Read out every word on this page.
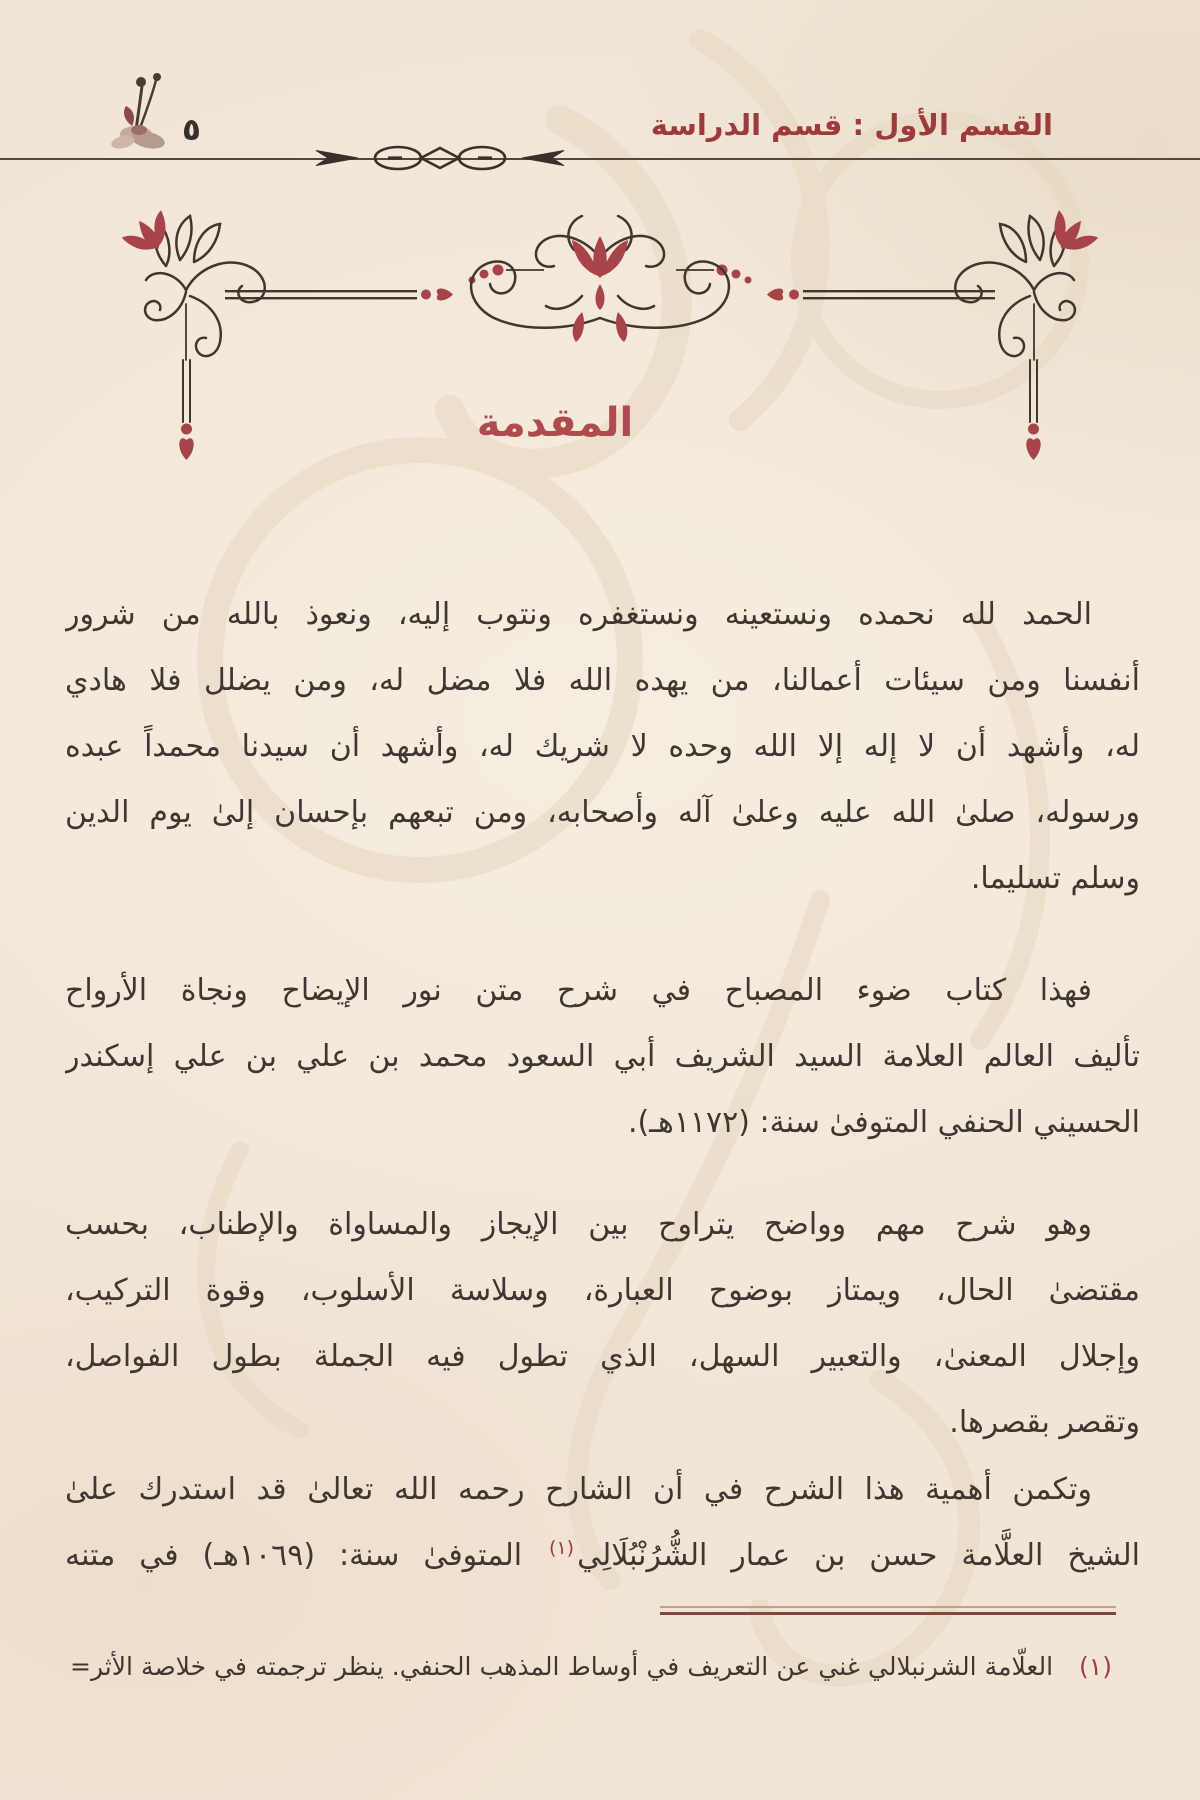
٥	القسم الأول : قسم الدراسة
المقدمة
الحمد لله نحمده ونستعينه ونستغفره ونتوب إليه، ونعوذ بالله من شرور
أنفسنا ومن سيئات أعمالنا، من يهده الله فلا مضل له، ومن يضلل فلا هادي
له، وأشهد أن لا إله إلا الله وحده لا شريك له، وأشهد أن سيدنا محمداً عبده
ورسوله، صلىٰ الله عليه وعلىٰ آله وأصحابه، ومن تبعهم بإحسان إلىٰ يوم الدين
وسلم تسليما.
فهذا كتاب ضوء المصباح في شرح متن نور الإيضاح ونجاة الأرواح
تأليف العالم العلامة السيد الشريف أبي السعود محمد بن علي بن علي إسكندر
الحسيني الحنفي المتوفىٰ سنة: (١١٧٢هـ).
وهو شرح مهم وواضح يتراوح بين الإيجاز والمساواة والإطناب، بحسب
مقتضىٰ الحال، ويمتاز بوضوح العبارة، وسلاسة الأسلوب، وقوة التركيب،
وإجلال المعنىٰ، والتعبير السهل، الذي تطول فيه الجملة بطول الفواصل،
وتقصر بقصرها.
وتكمن أهمية هذا الشرح في أن الشارح رحمه الله تعالىٰ قد استدرك علىٰ
الشيخ العلَّامة حسن بن عمار الشُّرُنْبُلَالِي$^{(١)}$ المتوفىٰ سنة: (١٠٦٩هـ) في متنه
(١)
العلّامة الشرنبلالي غني عن التعريف في أوساط المذهب الحنفي. ينظر ترجمته في خلاصة الأثر=
